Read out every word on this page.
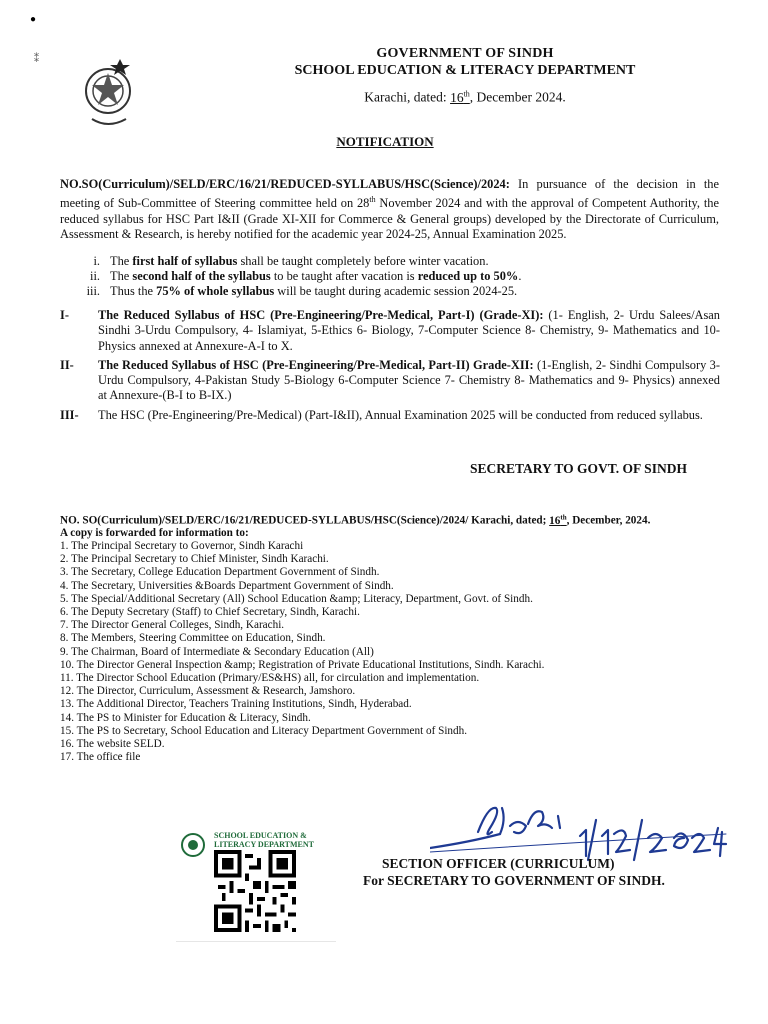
●
⁑	GOVERNMENT OF SINDH
SCHOOL EDUCATION & LITERACY DEPARTMENT
Karachi, dated: 16th, December 2024.
NOTIFICATION
NO.SO(Curriculum)/SELD/ERC/16/21/REDUCED-SYLLABUS/HSC(Science)/2024: In pursuance of the decision in the meeting of Sub-Committee of Steering committee held on 28th November 2024 and with the approval of Competent Authority, the reduced syllabus for HSC Part I&II (Grade XI-XII for Commerce & General groups) developed by the Directorate of Curriculum, Assessment & Research, is hereby notified for the academic year 2024-25, Annual Examination 2025.
i. The first half of syllabus shall be taught completely before winter vacation.
ii. The second half of the syllabus to be taught after vacation is reduced up to 50%.
iii. Thus the 75% of whole syllabus will be taught during academic session 2024-25.
I-	The Reduced Syllabus of HSC (Pre-Engineering/Pre-Medical, Part-I) (Grade-XI): (1- English, 2- Urdu Salees/Asan Sindhi 3-Urdu Compulsory, 4- Islamiyat, 5-Ethics 6- Biology, 7-Computer Science 8- Chemistry, 9- Mathematics and 10- Physics annexed at Annexure-A-I to X.
II-	The Reduced Syllabus of HSC (Pre-Engineering/Pre-Medical, Part-II) Grade-XII: (1-English, 2- Sindhi Compulsory 3-Urdu Compulsory, 4-Pakistan Study 5-Biology 6-Computer Science 7- Chemistry 8- Mathematics and 9- Physics) annexed at Annexure-(B-I to B-IX.)
III-	The HSC (Pre-Engineering/Pre-Medical) (Part-I&II), Annual Examination 2025 will be conducted from reduced syllabus.
SECRETARY TO GOVT. OF SINDH
NO. SO(Curriculum)/SELD/ERC/16/21/REDUCED-SYLLABUS/HSC(Science)/2024/ Karachi, dated; 16th, December, 2024.
A copy is forwarded for information to:
1. The Principal Secretary to Governor, Sindh Karachi
2. The Principal Secretary to Chief Minister, Sindh Karachi.
3. The Secretary, College Education Department Government of Sindh.
4. The Secretary, Universities &Boards Department Government of Sindh.
5. The Special/Additional Secretary (All) School Education &amp; Literacy, Department, Govt. of Sindh.
6. The Deputy Secretary (Staff) to Chief Secretary, Sindh, Karachi.
7. The Director General Colleges, Sindh, Karachi.
8. The Members, Steering Committee on Education, Sindh.
9. The Chairman, Board of Intermediate & Secondary Education (All)
10. The Director General Inspection &amp; Registration of Private Educational Institutions, Sindh. Karachi.
11. The Director School Education (Primary/ES&HS) all, for circulation and implementation.
12. The Director, Curriculum, Assessment & Research, Jamshoro.
13. The Additional Director, Teachers Training Institutions, Sindh, Hyderabad.
14. The PS to Minister for Education & Literacy, Sindh.
15. The PS to Secretary, School Education and Literacy Department Government of Sindh.
16. The website SELD.
17. The office file
SECTION OFFICER (CURRICULUM)
For SECRETARY TO GOVERNMENT OF SINDH.
SCHOOL EDUCATION &
LITERACY DEPARTMENT
